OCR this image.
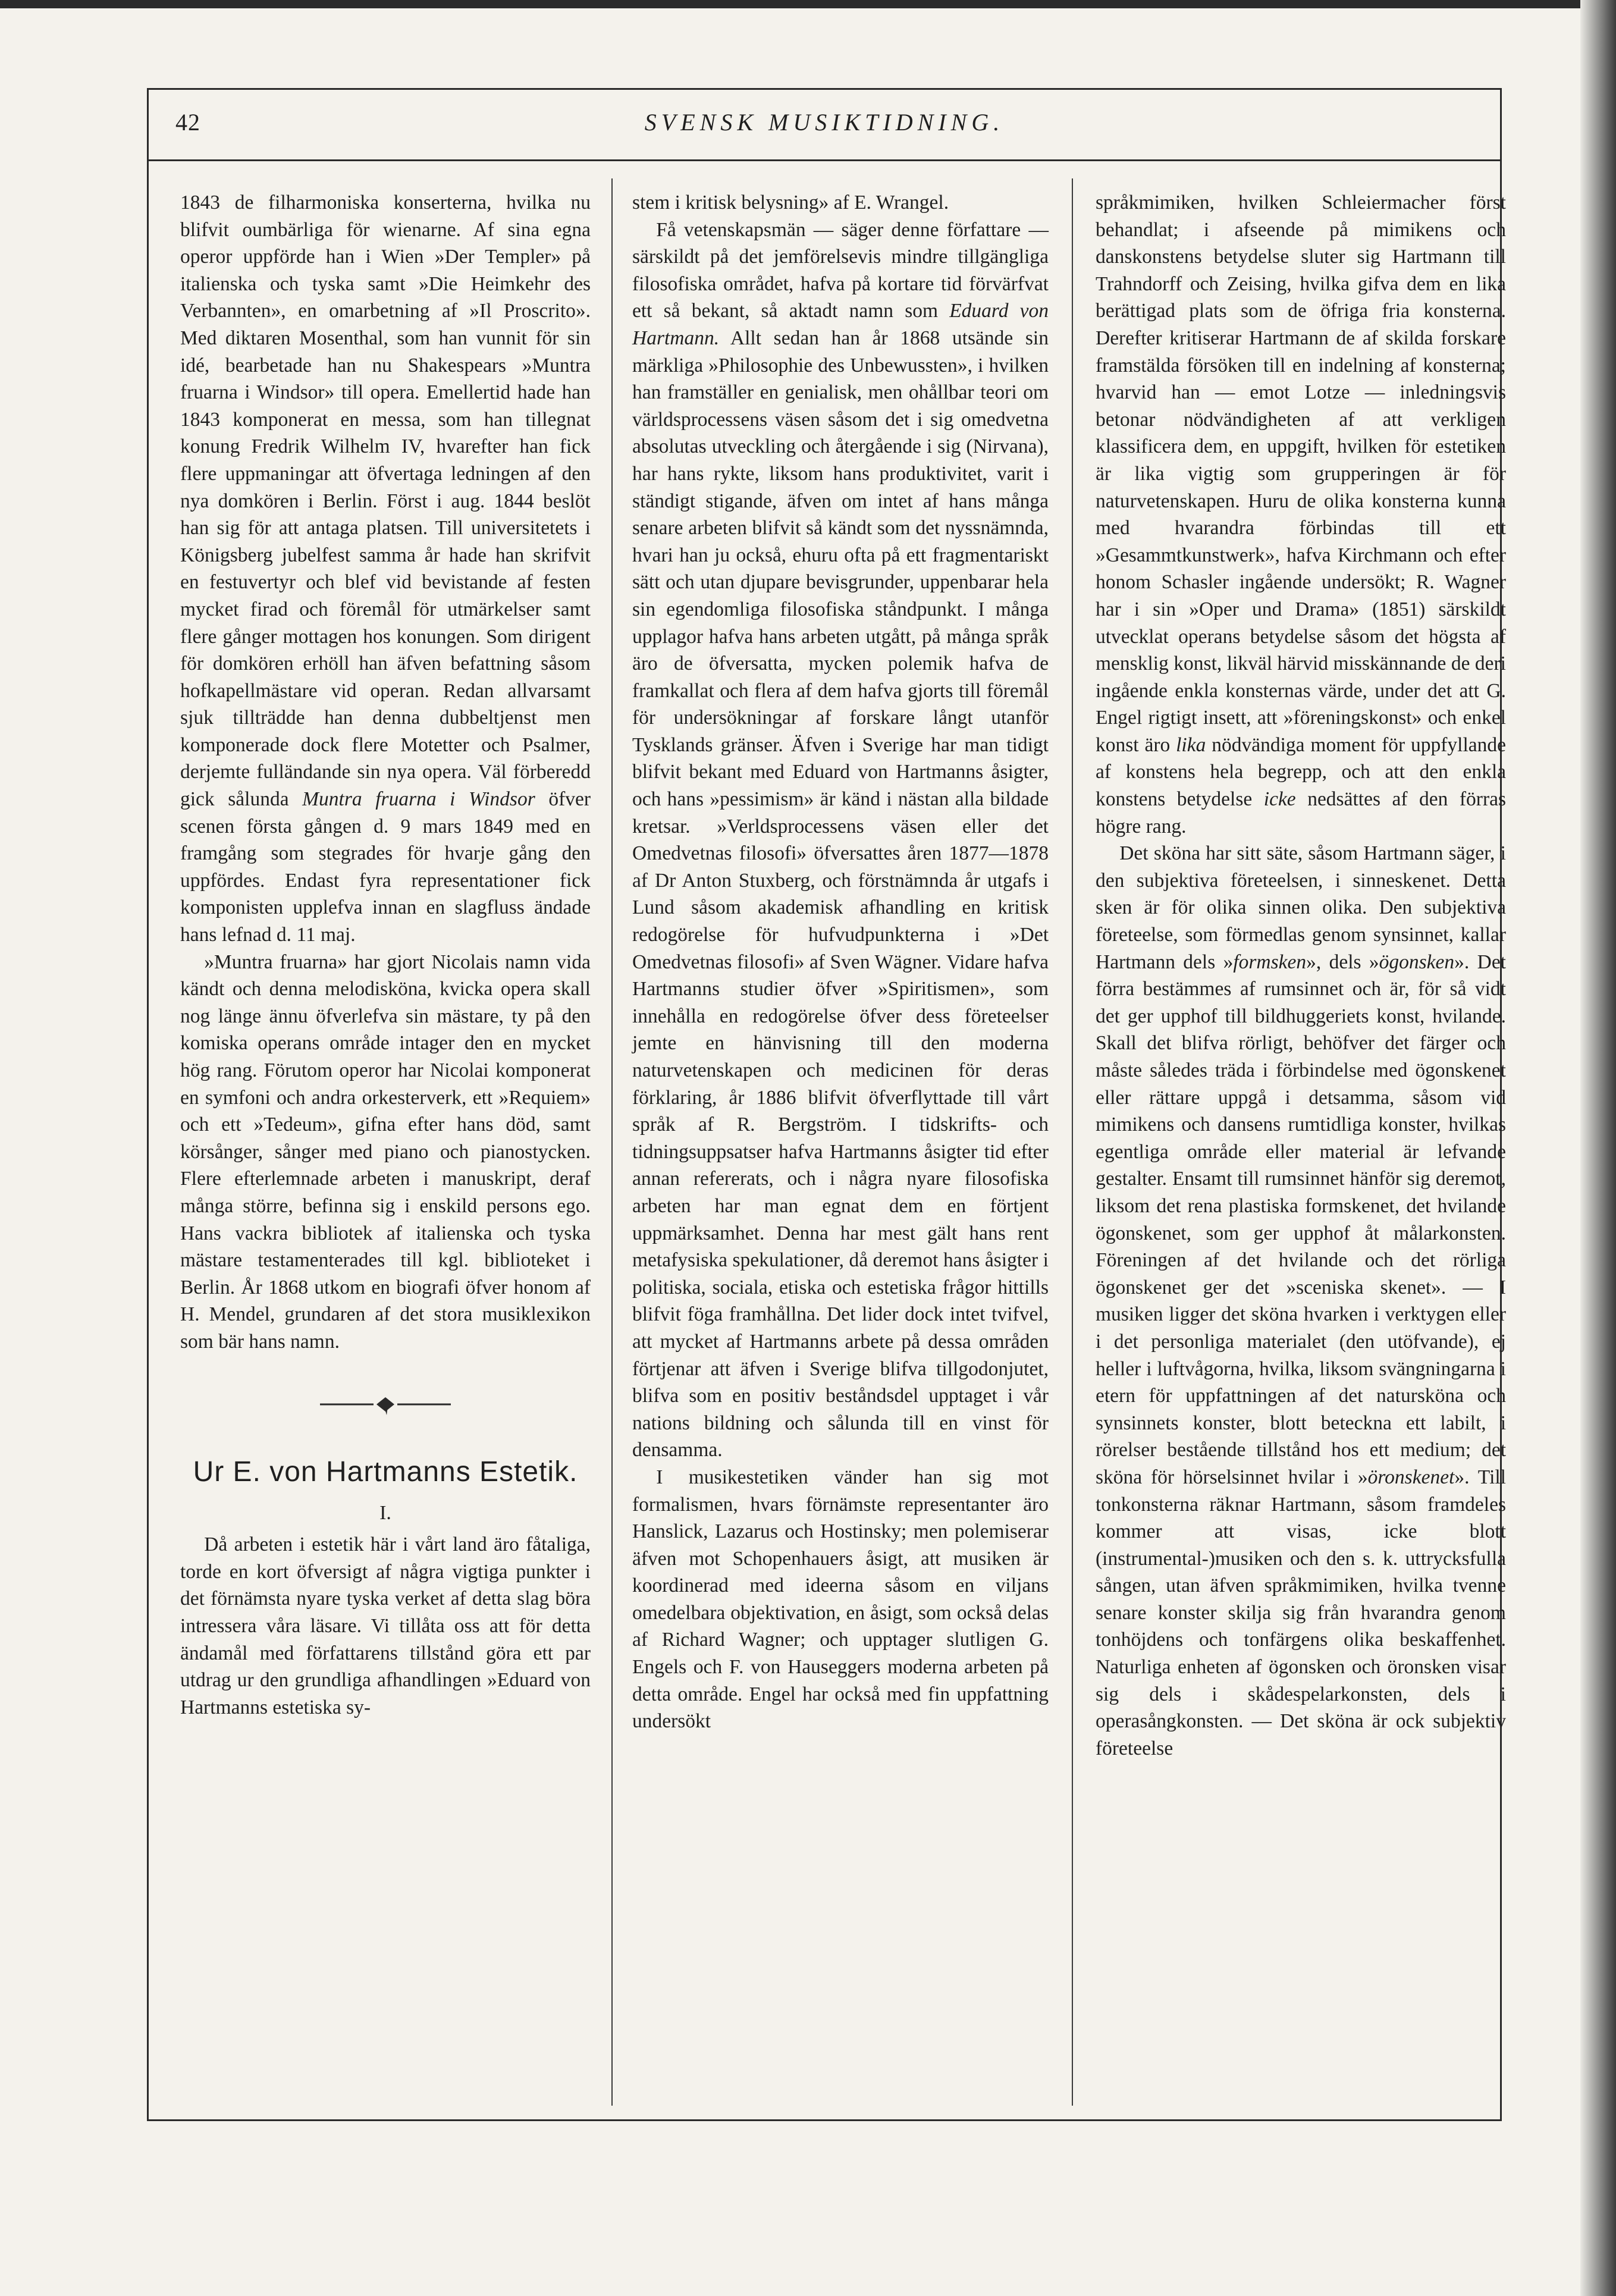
42	SVENSK MUSIKTIDNING.

1843 de filharmoniska konserterna, hvilka nu blifvit oumbärliga för wienarne. Af sina egna operor uppförde han i Wien »Der Templer» på italienska och tyska samt »Die Heimkehr des Verbannten», en omarbetning af »Il Proscrito». Med diktaren Mosenthal, som han vunnit för sin idé, bearbetade han nu Shakespears »Muntra fruarna i Windsor» till opera. Emellertid hade han 1843 komponerat en messa, som han tillegnat konung Fredrik Wilhelm IV, hvarefter han fick flere uppmaningar att öfvertaga ledningen af den nya domkören i Berlin. Först i aug. 1844 beslöt han sig för att antaga platsen. Till universitetets i Königsberg jubelfest samma år hade han skrifvit en festuvertyr och blef vid bevistande af festen mycket firad och föremål för utmärkelser samt flere gånger mottagen hos konungen. Som dirigent för domkören erhöll han äfven befattning såsom hofkapellmästare vid operan. Redan allvarsamt sjuk tillträdde han denna dubbeltjenst men komponerade dock flere Motetter och Psalmer, derjemte fulländande sin nya opera. Väl förberedd gick sålunda Muntra fruarna i Windsor öfver scenen första gången d. 9 mars 1849 med en framgång som stegrades för hvarje gång den uppfördes. Endast fyra representationer fick komponisten upplefva innan en slagfluss ändade hans lefnad d. 11 maj.

»Muntra fruarna» har gjort Nicolais namn vida kändt och denna melodisköna, kvicka opera skall nog länge ännu öfverlefva sin mästare, ty på den komiska operans område intager den en mycket hög rang. Förutom operor har Nicolai komponerat en symfoni och andra orkesterverk, ett »Requiem» och ett »Tedeum», gifna efter hans död, samt körsånger, sånger med piano och pianostycken. Flere efterlemnade arbeten i manuskript, deraf många större, befinna sig i enskild persons ego. Hans vackra bibliotek af italienska och tyska mästare testamenterades till kgl. biblioteket i Berlin. År 1868 utkom en biografi öfver honom af H. Mendel, grundaren af det stora musiklexikon som bär hans namn.

Ur E. von Hartmanns Estetik.
I.

Då arbeten i estetik här i vårt land äro fåtaliga, torde en kort öfversigt af några vigtiga punkter i det förnämsta nyare tyska verket af detta slag böra intressera våra läsare. Vi tillåta oss att för detta ändamål med författarens tillstånd göra ett par utdrag ur den grundliga afhandlingen »Eduard von Hartmanns estetiska sy-

stem i kritisk belysning» af E. Wrangel.

Få vetenskapsmän — säger denne författare — särskildt på det jemförelsevis mindre tillgängliga filosofiska området, hafva på kortare tid förvärfvat ett så bekant, så aktadt namn som Eduard von Hartmann. Allt sedan han år 1868 utsände sin märkliga »Philosophie des Unbewussten», i hvilken han framställer en genialisk, men ohållbar teori om världsprocessens väsen såsom det i sig omedvetna absolutas utveckling och återgående i sig (Nirvana), har hans rykte, liksom hans produktivitet, varit i ständigt stigande, äfven om intet af hans många senare arbeten blifvit så kändt som det nyssnämnda, hvari han ju också, ehuru ofta på ett fragmentariskt sätt och utan djupare bevisgrunder, uppenbarar hela sin egendomliga filosofiska ståndpunkt. I många upplagor hafva hans arbeten utgått, på många språk äro de öfversatta, mycken polemik hafva de framkallat och flera af dem hafva gjorts till föremål för undersökningar af forskare långt utanför Tysklands gränser. Äfven i Sverige har man tidigt blifvit bekant med Eduard von Hartmanns åsigter, och hans »pessimism» är känd i nästan alla bildade kretsar. »Verldsprocessens väsen eller det Omedvetnas filosofi» öfversattes åren 1877—1878 af Dr Anton Stuxberg, och förstnämnda år utgafs i Lund såsom akademisk afhandling en kritisk redogörelse för hufvudpunkterna i »Det Omedvetnas filosofi» af Sven Wägner. Vidare hafva Hartmanns studier öfver »Spiritismen», som innehålla en redogörelse öfver dess företeelser jemte en hänvisning till den moderna naturvetenskapen och medicinen för deras förklaring, år 1886 blifvit öfverflyttade till vårt språk af R. Bergström. I tidskrifts- och tidningsuppsatser hafva Hartmanns åsigter tid efter annan refererats, och i några nyare filosofiska arbeten har man egnat dem en förtjent uppmärksamhet. Denna har mest gält hans rent metafysiska spekulationer, då deremot hans åsigter i politiska, sociala, etiska och estetiska frågor hittills blifvit föga framhållna. Det lider dock intet tvifvel, att mycket af Hartmanns arbete på dessa områden förtjenar att äfven i Sverige blifva tillgodonjutet, blifva som en positiv beståndsdel upptaget i vår nations bildning och sålunda till en vinst för densamma.

I musikestetiken vänder han sig mot formalismen, hvars förnämste representanter äro Hanslick, Lazarus och Hostinsky; men polemiserar äfven mot Schopenhauers åsigt, att musiken är koordinerad med ideerna såsom en viljans omedelbara objektivation, en åsigt, som också delas af Richard Wagner; och upptager slutligen G. Engels och F. von Hauseggers moderna arbeten på detta område. Engel har också med fin uppfattning undersökt

språkmimiken, hvilken Schleiermacher först behandlat; i afseende på mimikens och danskonstens betydelse sluter sig Hartmann till Trahndorff och Zeising, hvilka gifva dem en lika berättigad plats som de öfriga fria konsterna. Derefter kritiserar Hartmann de af skilda forskare framstälda försöken till en indelning af konsterna; hvarvid han — emot Lotze — inledningsvis betonar nödvändigheten af att verkligen klassificera dem, en uppgift, hvilken för estetiken är lika vigtig som grupperingen är för naturvetenskapen. Huru de olika konsterna kunna med hvarandra förbindas till ett »Gesammtkunstwerk», hafva Kirchmann och efter honom Schasler ingående undersökt; R. Wagner har i sin »Oper und Drama» (1851) särskildt utvecklat operans betydelse såsom det högsta af mensklig konst, likväl härvid misskännande de deri ingående enkla konsternas värde, under det att G. Engel rigtigt insett, att »föreningskonst» och enkel konst äro lika nödvändiga moment för uppfyllande af konstens hela begrepp, och att den enkla konstens betydelse icke nedsättes af den förras högre rang.

Det sköna har sitt säte, såsom Hartmann säger, i den subjektiva företeelsen, i sinneskenet. Detta sken är för olika sinnen olika. Den subjektiva företeelse, som förmedlas genom synsinnet, kallar Hartmann dels »formsken», dels »ögonsken». Det förra bestämmes af rumsinnet och är, för så vidt det ger upphof till bildhuggeriets konst, hvilande. Skall det blifva rörligt, behöfver det färger och måste således träda i förbindelse med ögonskenet eller rättare uppgå i detsamma, såsom vid mimikens och dansens rumtidliga konster, hvilkas egentliga område eller material är lefvande gestalter. Ensamt till rumsinnet hänför sig deremot, liksom det rena plastiska formskenet, det hvilande ögonskenet, som ger upphof åt målarkonsten. Föreningen af det hvilande och det rörliga ögonskenet ger det »sceniska skenet». — I musiken ligger det sköna hvarken i verktygen eller i det personliga materialet (den utöfvande), ej heller i luftvågorna, hvilka, liksom svängningarna i etern för uppfattningen af det natursköna och synsinnets konster, blott beteckna ett labilt, i rörelser bestående tillstånd hos ett medium; det sköna för hörselsinnet hvilar i »öronskenet». Till tonkonsterna räknar Hartmann, såsom framdeles kommer att visas, icke blott (instrumental-)musiken och den s. k. uttrycksfulla sången, utan äfven språkmimiken, hvilka tvenne senare konster skilja sig från hvarandra genom tonhöjdens och tonfärgens olika beskaffenhet. Naturliga enheten af ögonsken och öronsken visar sig dels i skådespelarkonsten, dels i operasångkonsten. — Det sköna är ock subjektiv företeelse
